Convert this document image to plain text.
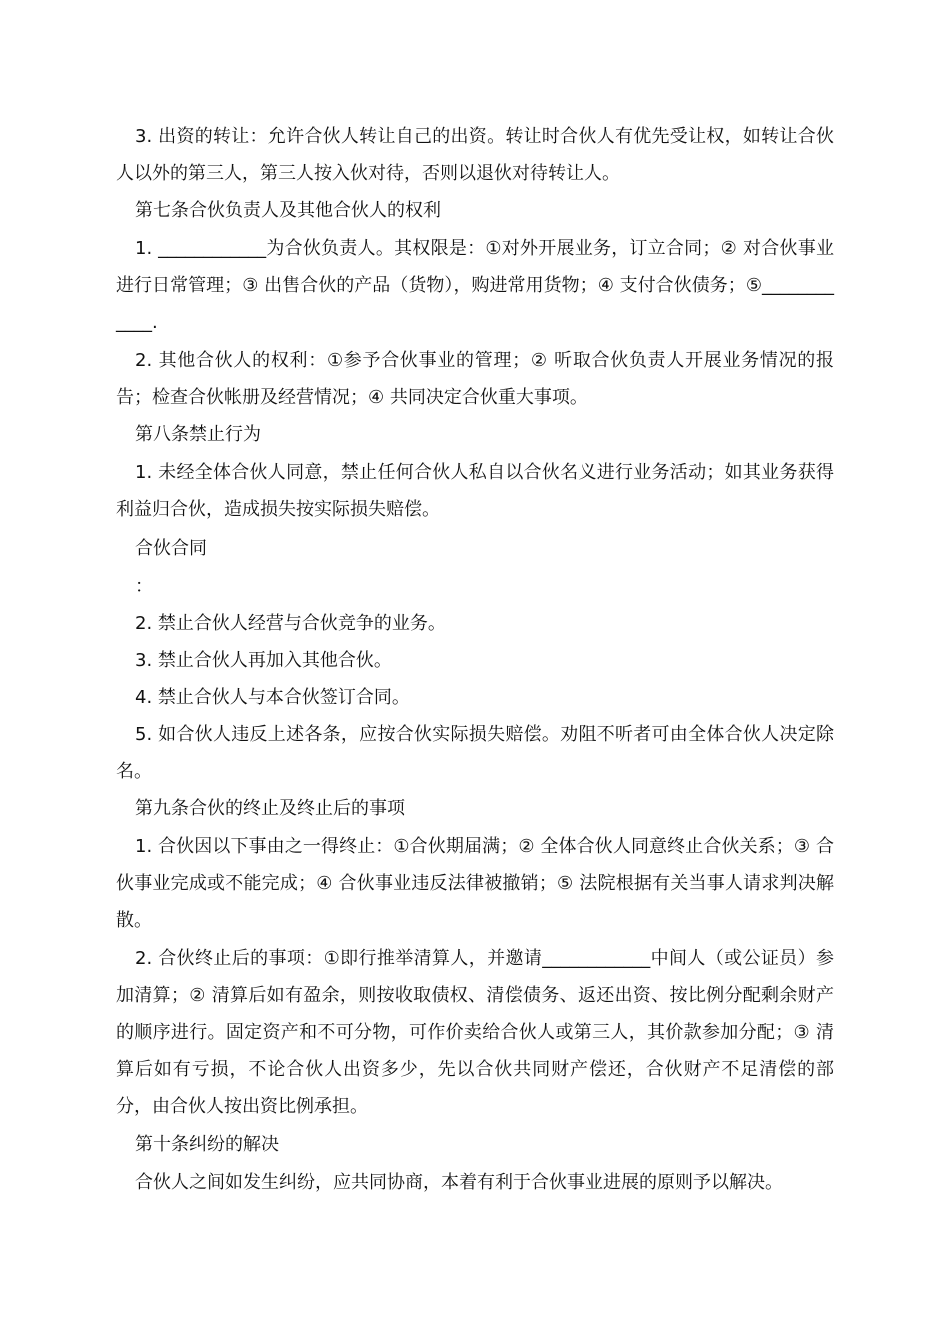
3. 出资的转让：允许合伙人转让自己的出资。转让时合伙人有优先受让权，如转让合伙人以外的第三人，第三人按入伙对待，否则以退伙对待转让人。

第七条合伙负责人及其他合伙人的权利

1. ____________为合伙负责人。其权限是：①对外开展业务，订立合同；② 对合伙事业进行日常管理；③ 出售合伙的产品（货物），购进常用货物；④ 支付合伙债务；⑤____________.

2. 其他合伙人的权利：①参予合伙事业的管理；② 听取合伙负责人开展业务情况的报告；检查合伙帐册及经营情况；④ 共同决定合伙重大事项。

第八条禁止行为

1. 未经全体合伙人同意，禁止任何合伙人私自以合伙名义进行业务活动；如其业务获得利益归合伙，造成损失按实际损失赔偿。

合伙合同

：

2. 禁止合伙人经营与合伙竞争的业务。

3. 禁止合伙人再加入其他合伙。

4. 禁止合伙人与本合伙签订合同。

5. 如合伙人违反上述各条，应按合伙实际损失赔偿。劝阻不听者可由全体合伙人决定除名。

第九条合伙的终止及终止后的事项

1. 合伙因以下事由之一得终止：①合伙期届满；② 全体合伙人同意终止合伙关系；③ 合伙事业完成或不能完成；④ 合伙事业违反法律被撤销；⑤ 法院根据有关当事人请求判决解散。

2. 合伙终止后的事项：①即行推举清算人，并邀请____________中间人（或公证员）参加清算；② 清算后如有盈余，则按收取债权、清偿债务、返还出资、按比例分配剩余财产的顺序进行。固定资产和不可分物，可作价卖给合伙人或第三人，其价款参加分配；③ 清算后如有亏损，不论合伙人出资多少，先以合伙共同财产偿还，合伙财产不足清偿的部分，由合伙人按出资比例承担。

第十条纠纷的解决

合伙人之间如发生纠纷，应共同协商，本着有利于合伙事业进展的原则予以解决。
